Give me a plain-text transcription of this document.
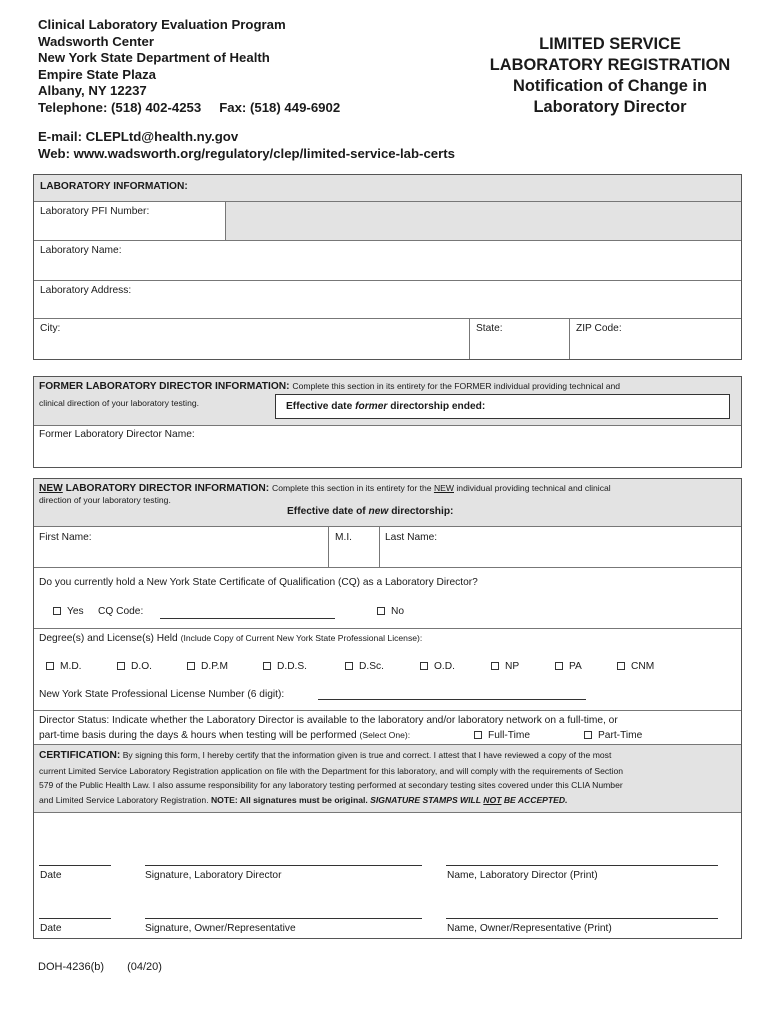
Clinical Laboratory Evaluation Program
Wadsworth Center
New York State Department of Health
Empire State Plaza
Albany, NY 12237
Telephone: (518) 402-4253 Fax: (518) 449-6902
LIMITED SERVICE
LABORATORY REGISTRATION
Notification of Change in
Laboratory Director
E-mail: CLEPLtd@health.ny.gov
Web: www.wadsworth.org/regulatory/clep/limited-service-lab-certs
LABORATORY INFORMATION:
Laboratory PFI Number:
Laboratory Name:
Laboratory Address:
City:	State:	ZIP Code:
FORMER LABORATORY DIRECTOR INFORMATION: Complete this section in its entirety for the FORMER individual providing technical and
clinical direction of your laboratory testing.	Effective date former directorship ended:
Former Laboratory Director Name:
NEW LABORATORY DIRECTOR INFORMATION: Complete this section in its entirety for the NEW individual providing technical and clinical
direction of your laboratory testing.
Effective date of new directorship:
First Name:	M.I.	Last Name:
Do you currently hold a New York State Certificate of Qualification (CQ) as a Laboratory Director?
Yes CQ Code:	No
Degree(s) and License(s) Held (Include Copy of Current New York State Professional License):
M.D.	D.O.	D.P.M	D.D.S.	D.Sc.	O.D.	NP	PA	CNM
New York State Professional License Number (6 digit):
Director Status: Indicate whether the Laboratory Director is available to the laboratory and/or laboratory network on a full-time, or
part-time basis during the days & hours when testing will be performed (Select One):	Full-Time	Part-Time
CERTIFICATION: By signing this form, I hereby certify that the information given is true and correct. I attest that I have reviewed a copy of the most
current Limited Service Laboratory Registration application on file with the Department for this laboratory, and will comply with the requirements of Section
579 of the Public Health Law. I also assume responsibility for any laboratory testing performed at secondary testing sites covered under this CLIA Number
and Limited Service Laboratory Registration. NOTE: All signatures must be original. SIGNATURE STAMPS WILL NOT BE ACCEPTED.
Date	Signature, Laboratory Director	Name, Laboratory Director (Print)
Date	Signature, Owner/Representative	Name, Owner/Representative (Print)
DOH-4236(b) (04/20)
